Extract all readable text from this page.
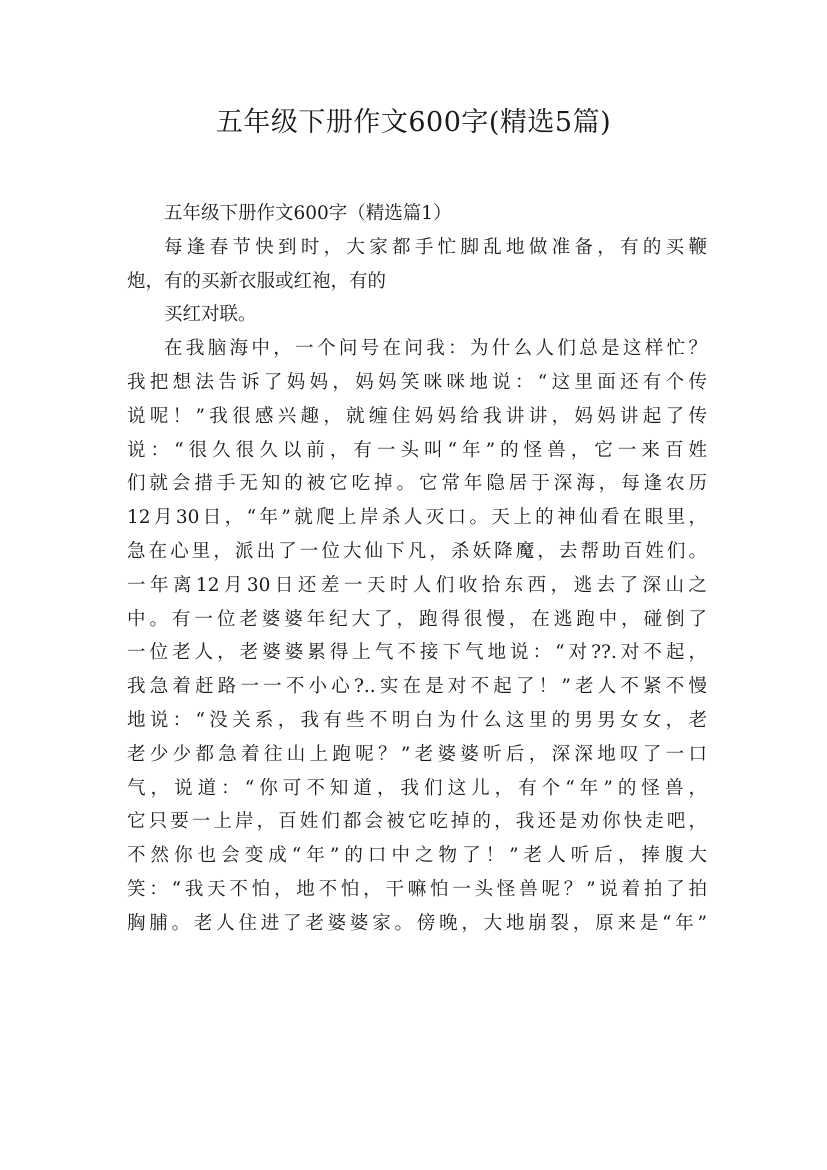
五年级下册作文600字(精选5篇)
五年级下册作文600字（精选篇1）
每逢春节快到时，大家都手忙脚乱地做准备，有的买鞭
炮，有的买新衣服或红袍，有的
买红对联。
在我脑海中，一个问号在问我：为什么人们总是这样忙？
我把想法告诉了妈妈，妈妈笑咪咪地说：“这里面还有个传
说呢！”我很感兴趣，就缠住妈妈给我讲讲，妈妈讲起了传
说：“很久很久以前，有一头叫“年”的怪兽，它一来百姓
们就会措手无知的被它吃掉。它常年隐居于深海，每逢农历
12月30日，“年”就爬上岸杀人灭口。天上的神仙看在眼里，
急在心里，派出了一位大仙下凡，杀妖降魔，去帮助百姓们。
一年离12月30日还差一天时人们收拾东西，逃去了深山之
中。有一位老婆婆年纪大了，跑得很慢，在逃跑中，碰倒了
一位老人，老婆婆累得上气不接下气地说：“对??.对不起，
我急着赶路一一不小心?..实在是对不起了！”老人不紧不慢
地说：“没关系，我有些不明白为什么这里的男男女女，老
老少少都急着往山上跑呢？”老婆婆听后，深深地叹了一口
气，说道：“你可不知道，我们这儿，有个“年”的怪兽，
它只要一上岸，百姓们都会被它吃掉的，我还是劝你快走吧，
不然你也会变成“年”的口中之物了！”老人听后，捧腹大
笑：“我天不怕，地不怕，干嘛怕一头怪兽呢？”说着拍了拍
胸脯。老人住进了老婆婆家。傍晚，大地崩裂，原来是“年”
